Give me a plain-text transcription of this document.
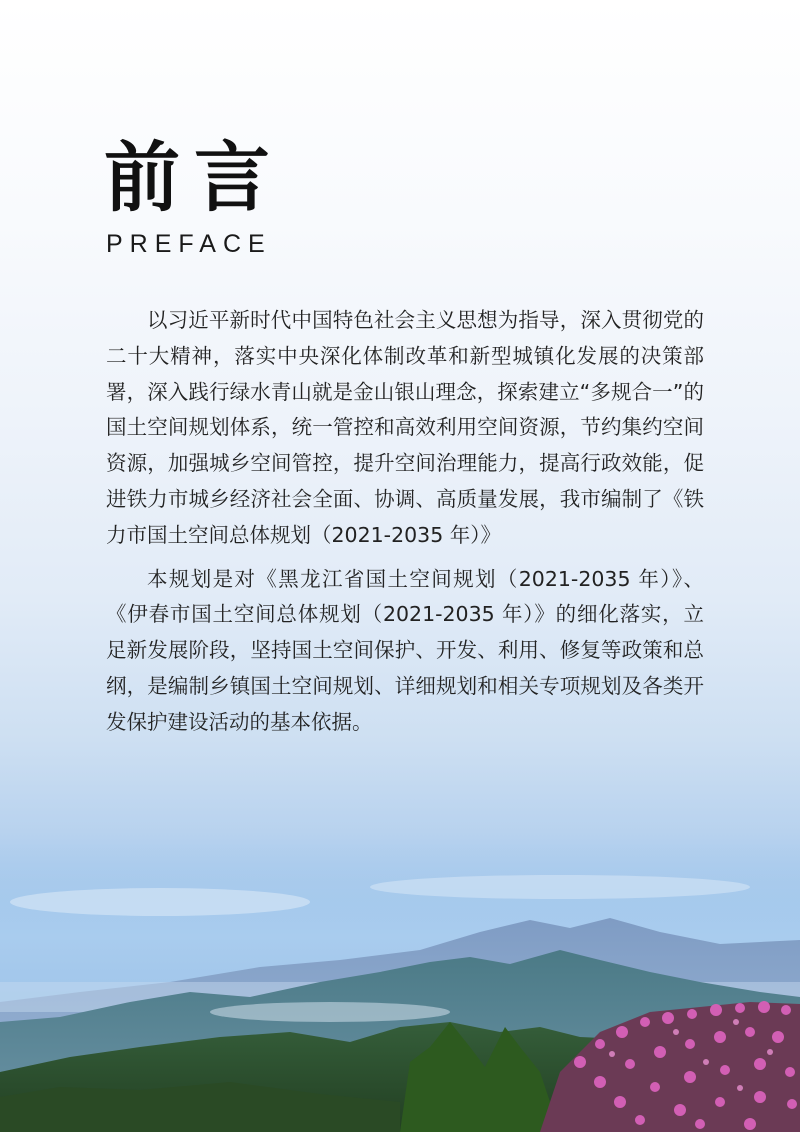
前言
PREFACE

以习近平新时代中国特色社会主义思想为指导，深入贯彻党的二十大精神，落实中央深化体制改革和新型城镇化发展的决策部署，深入践行绿水青山就是金山银山理念，探索建立“多规合一”的国土空间规划体系，统一管控和高效利用空间资源，节约集约空间资源，加强城乡空间管控，提升空间治理能力，提高行政效能，促进铁力市城乡经济社会全面、协调、高质量发展，我市编制了《铁力市国土空间总体规划（2021-2035 年）》

本规划是对《黑龙江省国土空间规划（2021-2035 年）》、《伊春市国土空间总体规划（2021-2035 年）》的细化落实，立足新发展阶段，坚持国土空间保护、开发、利用、修复等政策和总纲，是编制乡镇国土空间规划、详细规划和相关专项规划及各类开发保护建设活动的基本依据。
